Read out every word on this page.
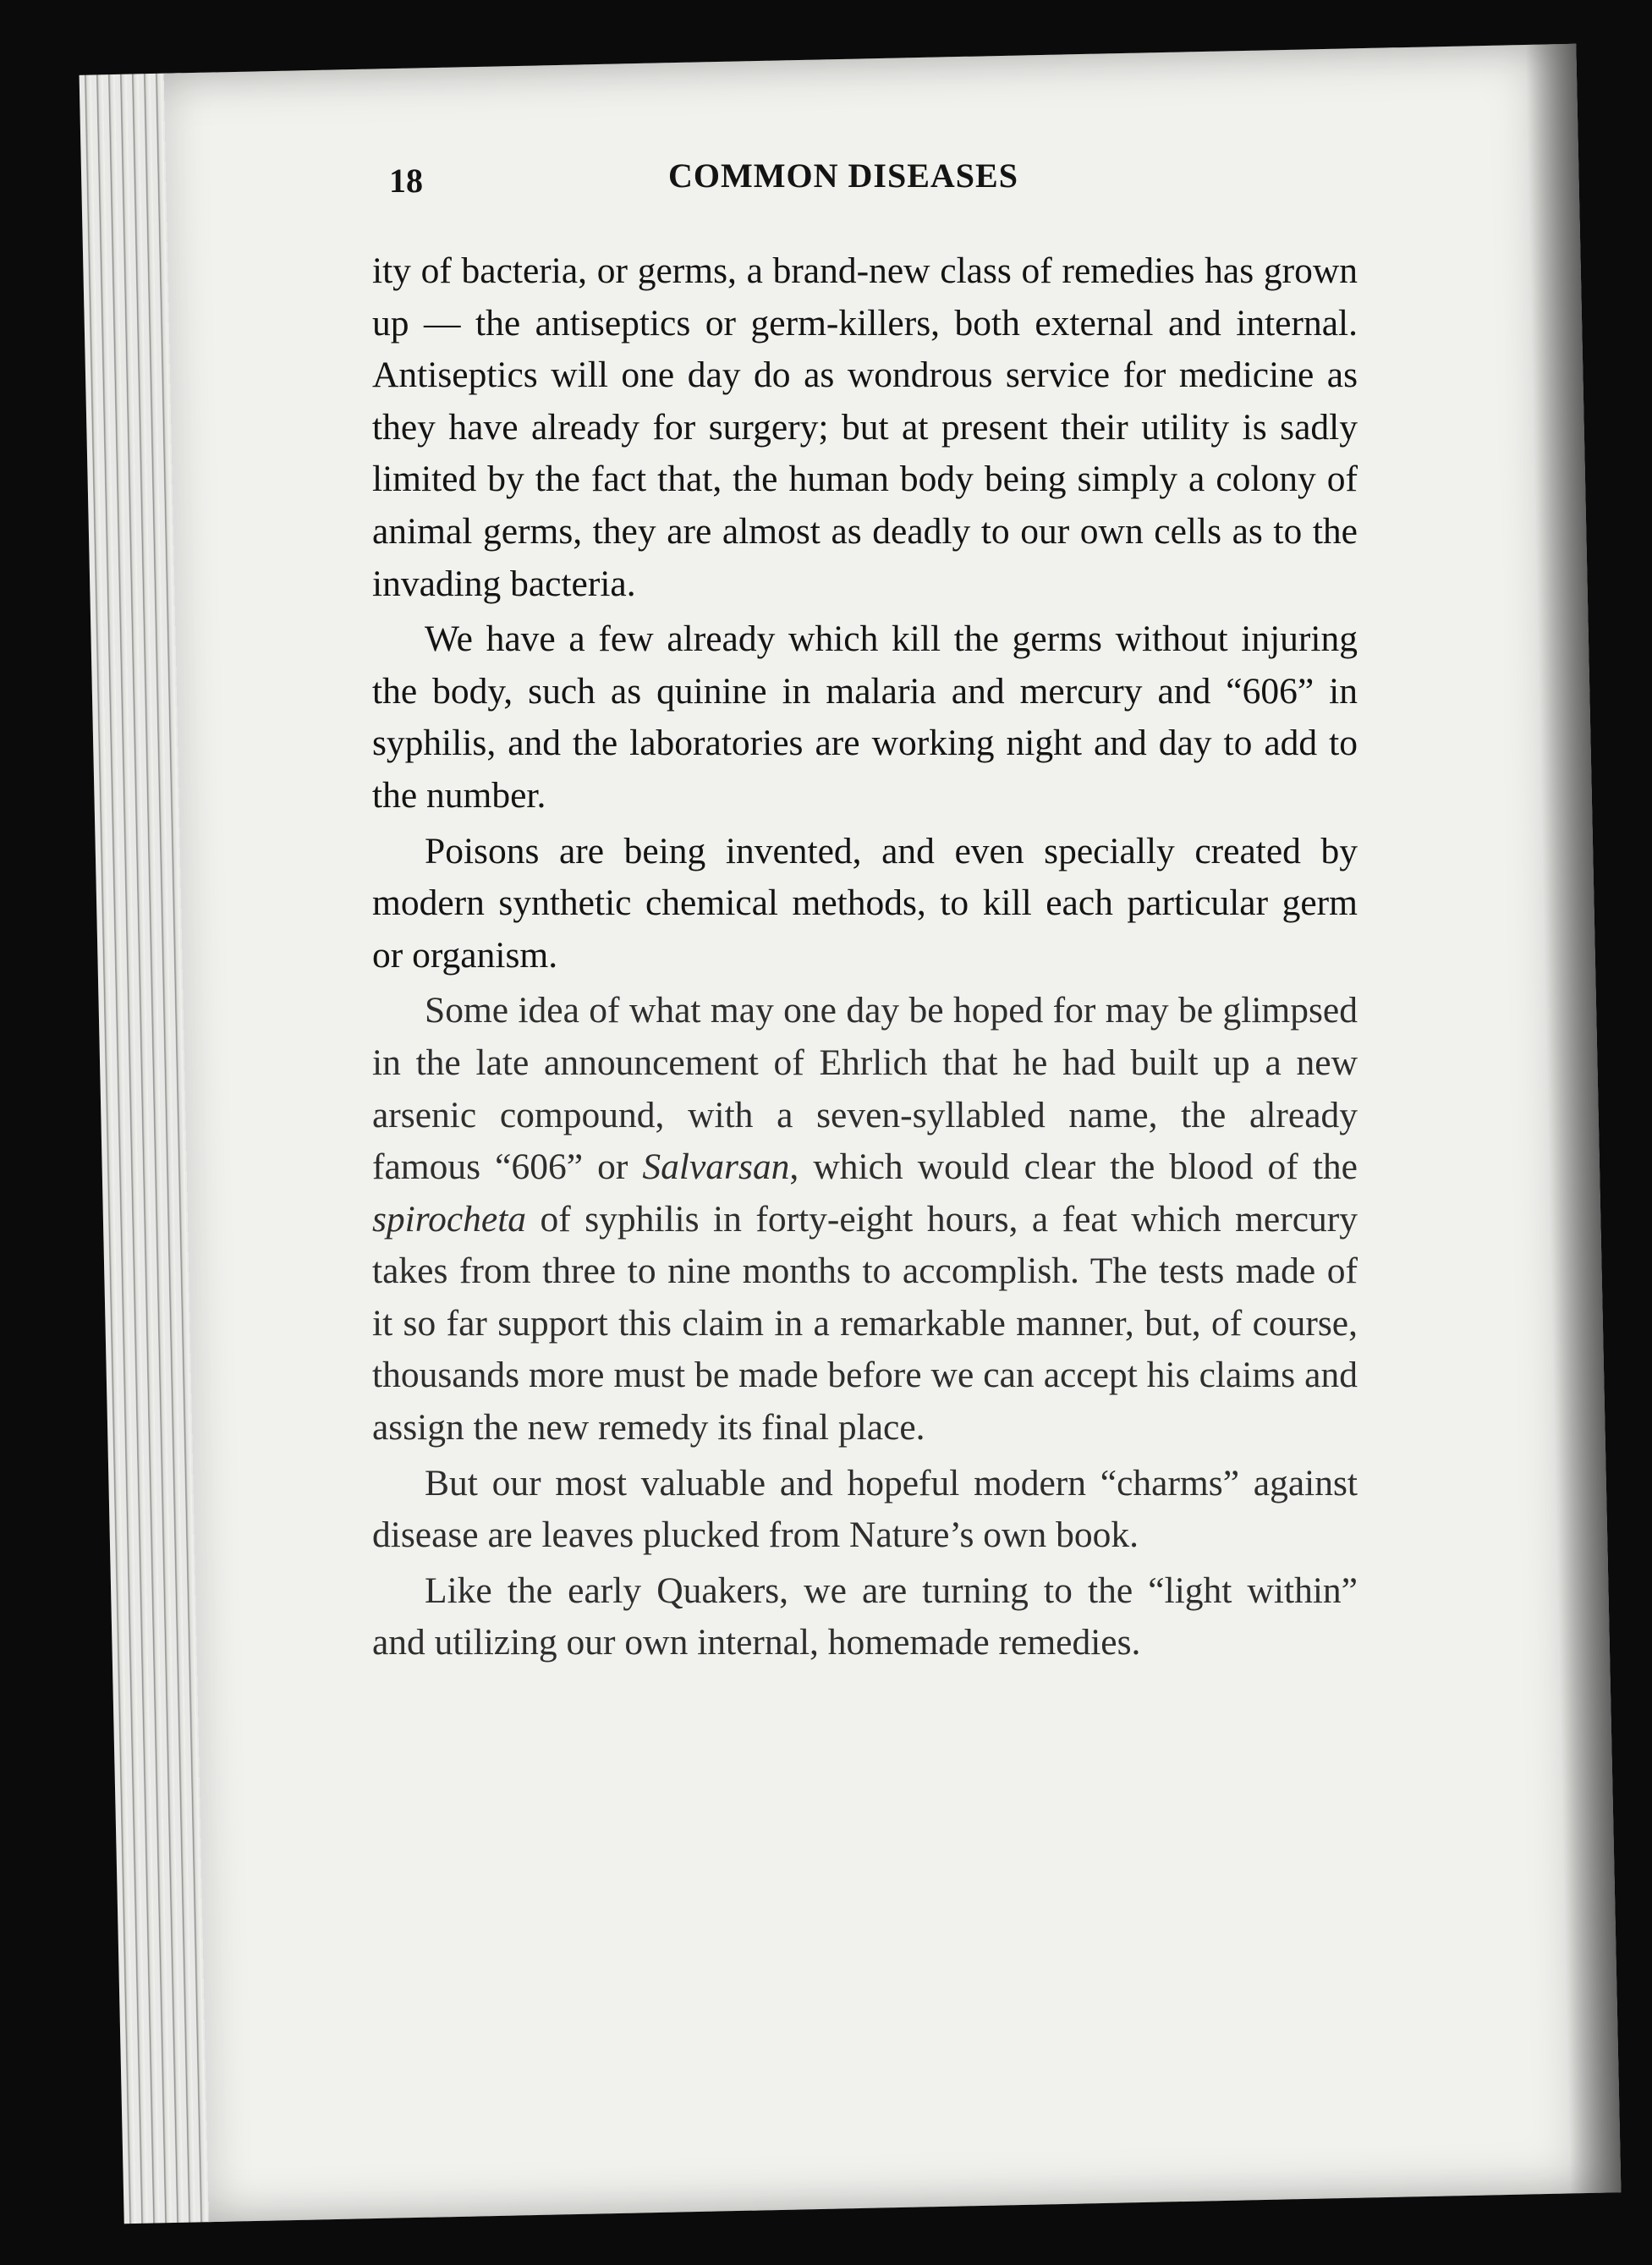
18	COMMON DISEASES

ity of bacteria, or germs, a brand-new class of remedies has grown up — the antiseptics or germ-killers, both external and internal. Antiseptics will one day do as wondrous service for medicine as they have already for surgery; but at present their utility is sadly limited by the fact that, the human body being simply a colony of animal germs, they are almost as deadly to our own cells as to the invading bacteria.

We have a few already which kill the germs without injuring the body, such as quinine in malaria and mercury and “606” in syphilis, and the laboratories are working night and day to add to the number.

Poisons are being invented, and even specially created by modern synthetic chemical methods, to kill each particular germ or organism.

Some idea of what may one day be hoped for may be glimpsed in the late announcement of Ehrlich that he had built up a new arsenic compound, with a seven-syllabled name, the already famous “606” or Salvarsan, which would clear the blood of the spirocheta of syphilis in forty-eight hours, a feat which mercury takes from three to nine months to accomplish. The tests made of it so far support this claim in a remarkable manner, but, of course, thousands more must be made before we can accept his claims and assign the new remedy its final place.

But our most valuable and hopeful modern “charms” against disease are leaves plucked from Nature’s own book.

Like the early Quakers, we are turning to the “light within” and utilizing our own internal, homemade remedies.
